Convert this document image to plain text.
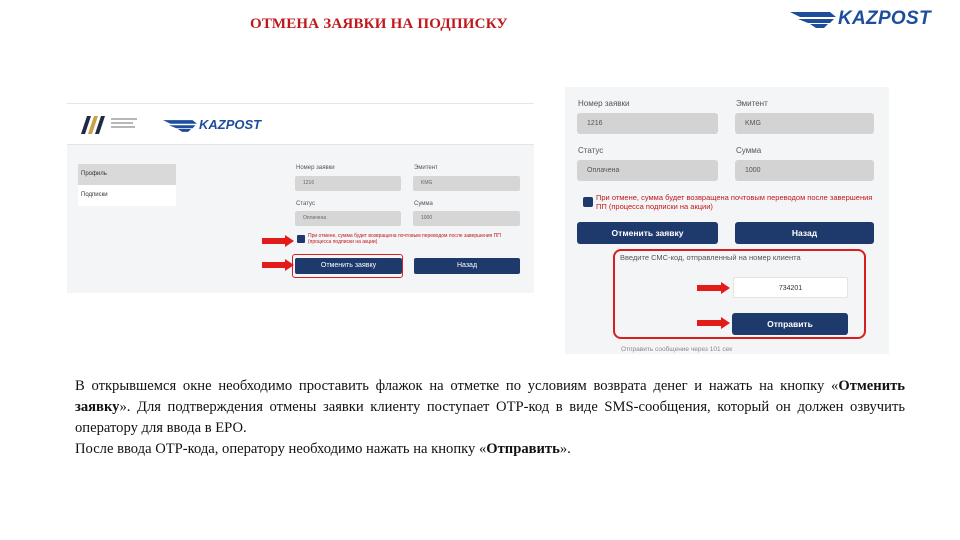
ОТМЕНА ЗАЯВКИ НА ПОДПИСКУ	KAZPOST
KAZPOST
Профиль
Подписки
Номер заявки	Эмитент
1216	KMG
Статус	Сумма
Оплачена	1000
При отмене, сумма будет возвращена почтовым переводом после завершения ПП (процесса подписки на акции)
Отменить заявку	Назад
Номер заявки	Эмитент
1216	KMG
Статус	Сумма
Оплачена	1000
При отмене, сумма будет возвращена почтовым переводом после завершения ПП (процесса подписки на акции)
Отменить заявку	Назад
Введите СМС-код, отправленный на номер клиента
734201
Отправить
Отправить сообщение через 101 сек

В открывшемся окне необходимо проставить флажок на отметке по условиям возврата денег и нажать на кнопку «Отменить заявку». Для подтверждения отмены заявки клиенту поступает OTP-код в виде SMS-сообщения, который он должен озвучить оператору для ввода в ЕРО.

После ввода OTP-кода, оператору необходимо нажать на кнопку «Отправить».
